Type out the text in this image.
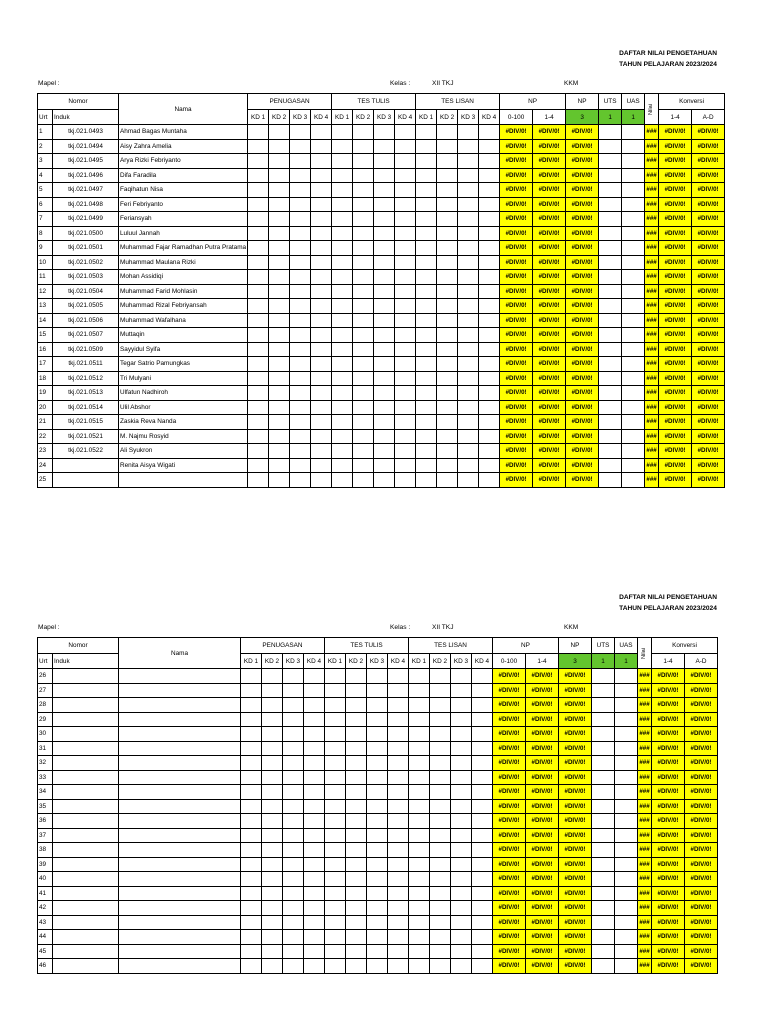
DAFTAR NILAI PENGETAHUAN
TAHUN PELAJARAN 2023/2024
Mapel :	Kelas :	XII TKJ	KKM
Nomor		Nama	PENUGASAN				TES TULIS				TES LISAN				NP		NP	UTS	UAS	Nilai	Konversi	
Urt	Induk		KD 1	KD 2	KD 3	KD 4	KD 1	KD 2	KD 3	KD 4	KD 1	KD 2	KD 3	KD 4	0-100	1-4	3	1	1		1-4	A-D
1	tkj.021.0493	Ahmad Bagas Muntaha													#DIV/0!	#DIV/0!	#DIV/0!			###	#DIV/0!	#DIV/0!
2	tkj.021.0494	Aisy Zahra Amelia													#DIV/0!	#DIV/0!	#DIV/0!			###	#DIV/0!	#DIV/0!
3	tkj.021.0495	Arya Rizki Febriyanto													#DIV/0!	#DIV/0!	#DIV/0!			###	#DIV/0!	#DIV/0!
4	tkj.021.0496	Difa Faradila													#DIV/0!	#DIV/0!	#DIV/0!			###	#DIV/0!	#DIV/0!
5	tkj.021.0497	Faqihatun Nisa													#DIV/0!	#DIV/0!	#DIV/0!			###	#DIV/0!	#DIV/0!
6	tkj.021.0498	Feri Febriyanto													#DIV/0!	#DIV/0!	#DIV/0!			###	#DIV/0!	#DIV/0!
7	tkj.021.0499	Feriansyah													#DIV/0!	#DIV/0!	#DIV/0!			###	#DIV/0!	#DIV/0!
8	tkj.021.0500	Luluul Jannah													#DIV/0!	#DIV/0!	#DIV/0!			###	#DIV/0!	#DIV/0!
9	tkj.021.0501	Muhammad Fajar Ramadhan Putra Pratama													#DIV/0!	#DIV/0!	#DIV/0!			###	#DIV/0!	#DIV/0!
10	tkj.021.0502	Muhammad Maulana Rizki													#DIV/0!	#DIV/0!	#DIV/0!			###	#DIV/0!	#DIV/0!
11	tkj.021.0503	Mohan Assidiqi													#DIV/0!	#DIV/0!	#DIV/0!			###	#DIV/0!	#DIV/0!
12	tkj.021.0504	Muhammad Farid Mohlasin													#DIV/0!	#DIV/0!	#DIV/0!			###	#DIV/0!	#DIV/0!
13	tkj.021.0505	Muhammad Rizal Febriyansah													#DIV/0!	#DIV/0!	#DIV/0!			###	#DIV/0!	#DIV/0!
14	tkj.021.0506	Muhammad Wafalhana													#DIV/0!	#DIV/0!	#DIV/0!			###	#DIV/0!	#DIV/0!
15	tkj.021.0507	Muttaqin													#DIV/0!	#DIV/0!	#DIV/0!			###	#DIV/0!	#DIV/0!
16	tkj.021.0509	Sayyidul Syifa													#DIV/0!	#DIV/0!	#DIV/0!			###	#DIV/0!	#DIV/0!
17	tkj.021.0511	Tegar Satrio Pamungkas													#DIV/0!	#DIV/0!	#DIV/0!			###	#DIV/0!	#DIV/0!
18	tkj.021.0512	Tri Mulyani													#DIV/0!	#DIV/0!	#DIV/0!			###	#DIV/0!	#DIV/0!
19	tkj.021.0513	Ulfatun Nadhiroh													#DIV/0!	#DIV/0!	#DIV/0!			###	#DIV/0!	#DIV/0!
20	tkj.021.0514	Ulil Abshor													#DIV/0!	#DIV/0!	#DIV/0!			###	#DIV/0!	#DIV/0!
21	tkj.021.0515	Zaskia Reva Nanda													#DIV/0!	#DIV/0!	#DIV/0!			###	#DIV/0!	#DIV/0!
22	tkj.021.0521	M. Najmu Rosyid													#DIV/0!	#DIV/0!	#DIV/0!			###	#DIV/0!	#DIV/0!
23	tkj.021.0522	Ali Syukron													#DIV/0!	#DIV/0!	#DIV/0!			###	#DIV/0!	#DIV/0!
24		Renita Aisya Wigati													#DIV/0!	#DIV/0!	#DIV/0!			###	#DIV/0!	#DIV/0!
25															#DIV/0!	#DIV/0!	#DIV/0!			###	#DIV/0!	#DIV/0!
DAFTAR NILAI PENGETAHUAN
TAHUN PELAJARAN 2023/2024
Mapel :	Kelas :	XII TKJ	KKM
Nomor		Nama	PENUGASAN				TES TULIS				TES LISAN				NP		NP	UTS	UAS	Nilai	Konversi	
Urt	Induk		KD 1	KD 2	KD 3	KD 4	KD 1	KD 2	KD 3	KD 4	KD 1	KD 2	KD 3	KD 4	0-100	1-4	3	1	1		1-4	A-D
26															#DIV/0!	#DIV/0!	#DIV/0!			###	#DIV/0!	#DIV/0!
27															#DIV/0!	#DIV/0!	#DIV/0!			###	#DIV/0!	#DIV/0!
28															#DIV/0!	#DIV/0!	#DIV/0!			###	#DIV/0!	#DIV/0!
29															#DIV/0!	#DIV/0!	#DIV/0!			###	#DIV/0!	#DIV/0!
30															#DIV/0!	#DIV/0!	#DIV/0!			###	#DIV/0!	#DIV/0!
31															#DIV/0!	#DIV/0!	#DIV/0!			###	#DIV/0!	#DIV/0!
32															#DIV/0!	#DIV/0!	#DIV/0!			###	#DIV/0!	#DIV/0!
33															#DIV/0!	#DIV/0!	#DIV/0!			###	#DIV/0!	#DIV/0!
34															#DIV/0!	#DIV/0!	#DIV/0!			###	#DIV/0!	#DIV/0!
35															#DIV/0!	#DIV/0!	#DIV/0!			###	#DIV/0!	#DIV/0!
36															#DIV/0!	#DIV/0!	#DIV/0!			###	#DIV/0!	#DIV/0!
37															#DIV/0!	#DIV/0!	#DIV/0!			###	#DIV/0!	#DIV/0!
38															#DIV/0!	#DIV/0!	#DIV/0!			###	#DIV/0!	#DIV/0!
39															#DIV/0!	#DIV/0!	#DIV/0!			###	#DIV/0!	#DIV/0!
40															#DIV/0!	#DIV/0!	#DIV/0!			###	#DIV/0!	#DIV/0!
41															#DIV/0!	#DIV/0!	#DIV/0!			###	#DIV/0!	#DIV/0!
42															#DIV/0!	#DIV/0!	#DIV/0!			###	#DIV/0!	#DIV/0!
43															#DIV/0!	#DIV/0!	#DIV/0!			###	#DIV/0!	#DIV/0!
44															#DIV/0!	#DIV/0!	#DIV/0!			###	#DIV/0!	#DIV/0!
45															#DIV/0!	#DIV/0!	#DIV/0!			###	#DIV/0!	#DIV/0!
46															#DIV/0!	#DIV/0!	#DIV/0!			###	#DIV/0!	#DIV/0!
